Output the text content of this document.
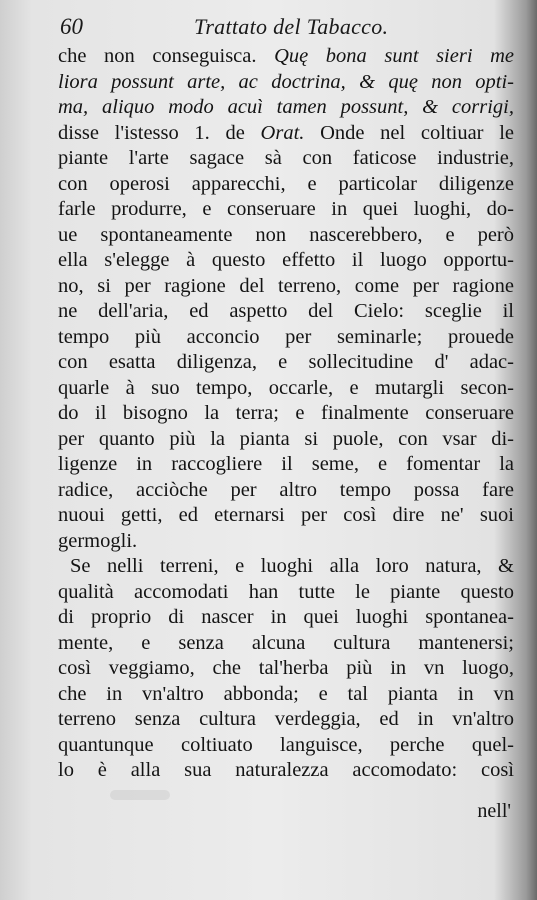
60	Trattato del Tabacco.
che non conseguisca. Quę bona sunt sieri me
liora possunt arte, ac doctrina, & quę non opti-
ma, aliquo modo acuì tamen possunt, & corrigi,
disse l'istesso 1. de Orat. Onde nel coltiuar le
piante l'arte sagace sà con faticose industrie,
con operosi apparecchi, e particolar diligenze
farle produrre, e conseruare in quei luoghi, do-
ue spontaneamente non nascerebbero, e però
ella s'elegge à questo effetto il luogo opportu-
no, si per ragione del terreno, come per ragione
ne dell'aria, ed aspetto del Cielo: sceglie il
tempo più acconcio per seminarle; prouede
con esatta diligenza, e sollecitudine d' adac-
quarle à suo tempo, occarle, e mutargli secon-
do il bisogno la terra; e finalmente conseruare
per quanto più la pianta si puole, con vsar di-
ligenze in raccogliere il seme, e fomentar la
radice, acciòche per altro tempo possa fare
nuoui getti, ed eternarsi per così dire ne' suoi
germogli.
Se nelli terreni, e luoghi alla loro natura, &
qualità accomodati han tutte le piante questo
di proprio di nascer in quei luoghi spontanea-
mente, e senza alcuna cultura mantenersi;
così veggiamo, che tal'herba più in vn luogo,
che in vn'altro abbonda; e tal pianta in vn
terreno senza cultura verdeggia, ed in vn'altro
quantunque coltiuato languisce, perche quel-
lo è alla sua naturalezza accomodato: così
nell'
